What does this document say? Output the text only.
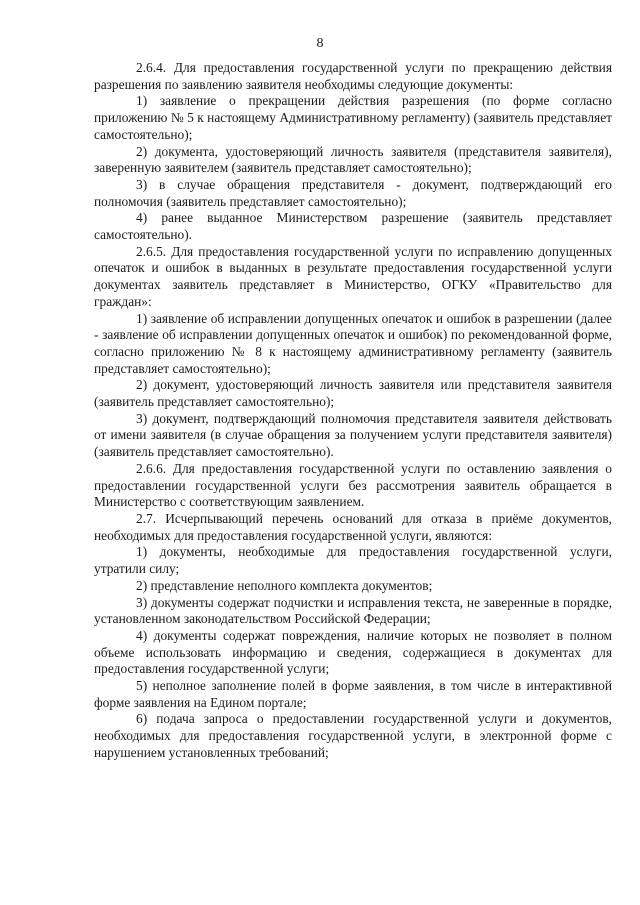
8

2.6.4. Для предоставления государственной услуги по прекращению действия разрешения по заявлению заявителя необходимы следующие документы:

1) заявление о прекращении действия разрешения (по форме согласно приложению № 5 к настоящему Административному регламенту) (заявитель представляет самостоятельно);

2) документа, удостоверяющий личность заявителя (представителя заявителя), заверенную заявителем (заявитель представляет самостоятельно);

3) в случае обращения представителя - документ, подтверждающий его полномочия (заявитель представляет самостоятельно);

4) ранее выданное Министерством разрешение (заявитель представляет самостоятельно).

2.6.5. Для предоставления государственной услуги по исправлению допущенных опечаток и ошибок в выданных в результате предоставления государственной услуги документах заявитель представляет в Министерство, ОГКУ «Правительство для граждан»:

1) заявление об исправлении допущенных опечаток и ошибок в разрешении (далее - заявление об исправлении допущенных опечаток и ошибок) по рекомендованной форме, согласно приложению № 8 к настоящему административному регламенту (заявитель представляет самостоятельно);

2) документ, удостоверяющий личность заявителя или представителя заявителя (заявитель представляет самостоятельно);

3) документ, подтверждающий полномочия представителя заявителя действовать от имени заявителя (в случае обращения за получением услуги представителя заявителя) (заявитель представляет самостоятельно).

2.6.6. Для предоставления государственной услуги по оставлению заявления о предоставлении государственной услуги без рассмотрения заявитель обращается в Министерство с соответствующим заявлением.

2.7. Исчерпывающий перечень оснований для отказа в приёме документов, необходимых для предоставления государственной услуги, являются:

1) документы, необходимые для предоставления государственной услуги, утратили силу;

2) представление неполного комплекта документов;

3) документы содержат подчистки и исправления текста, не заверенные в порядке, установленном законодательством Российской Федерации;

4) документы содержат повреждения, наличие которых не позволяет в полном объеме использовать информацию и сведения, содержащиеся в документах для предоставления государственной услуги;

5) неполное заполнение полей в форме заявления, в том числе в интерактивной форме заявления на Едином портале;

6) подача запроса о предоставлении государственной услуги и документов, необходимых для предоставления государственной услуги, в электронной форме с нарушением установленных требований;
